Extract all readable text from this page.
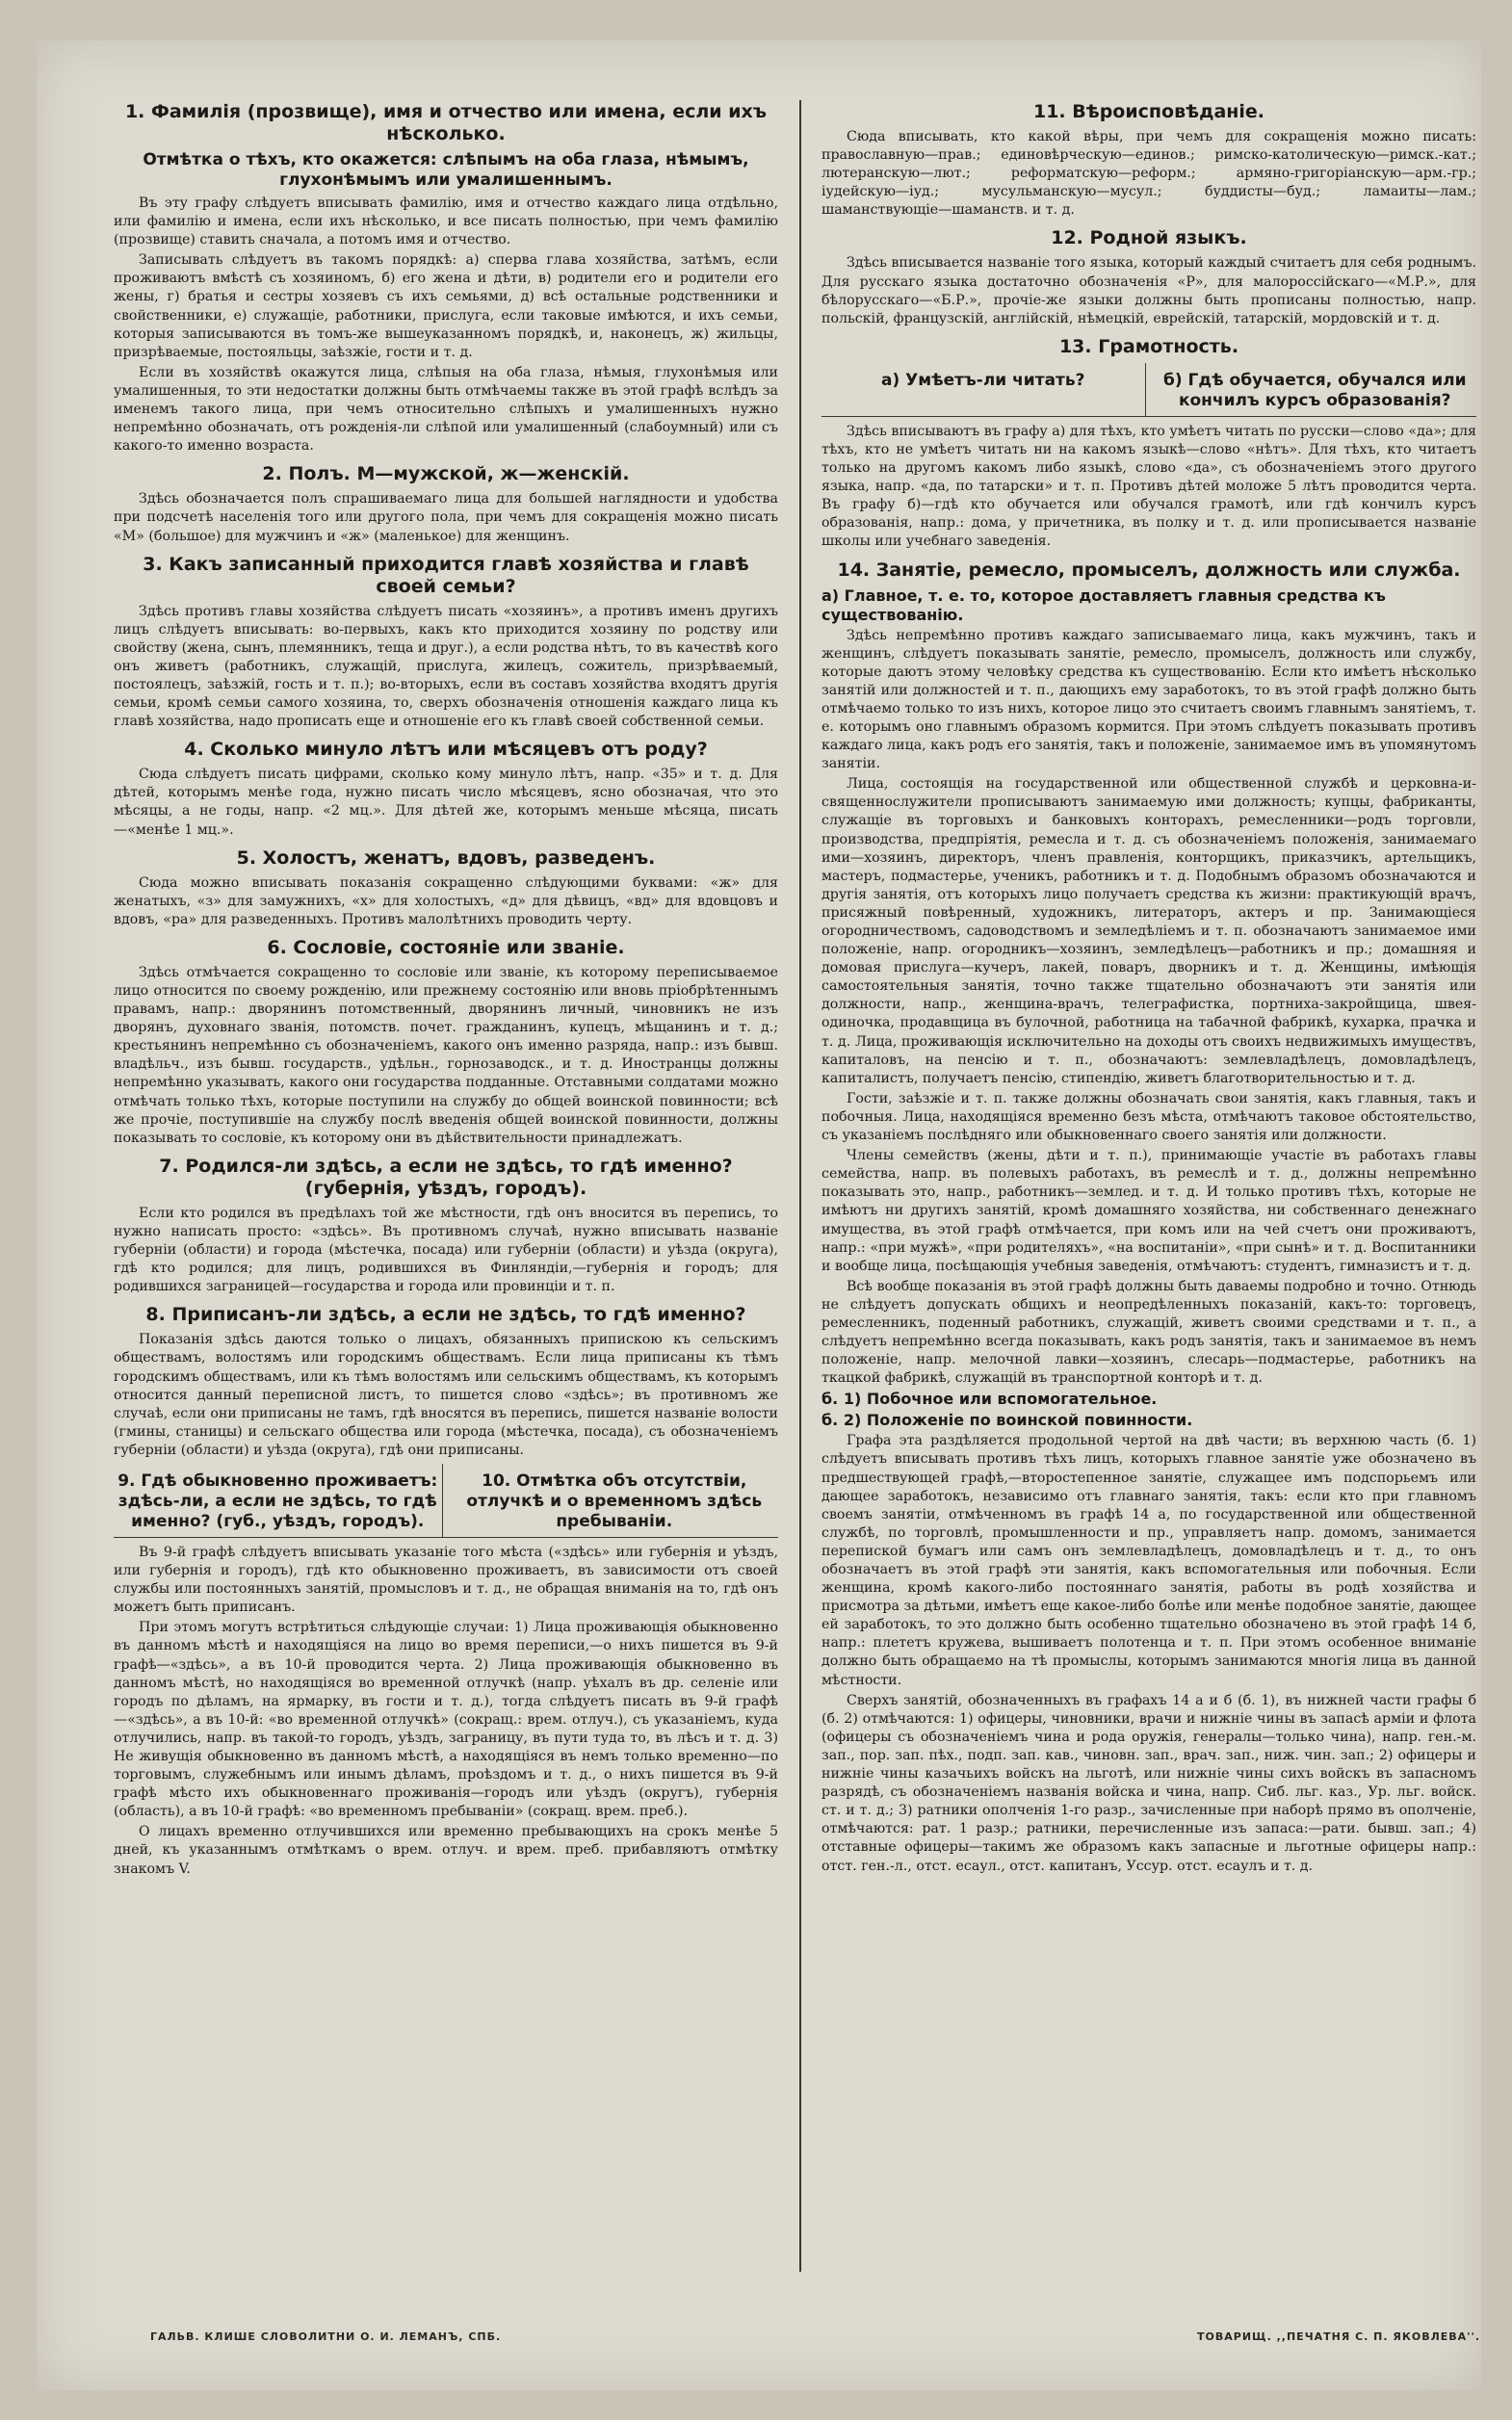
1. Фамилія (прозвище), имя и отчество или имена, если ихъ нѣсколько.
Отмѣтка о тѣхъ, кто окажется: слѣпымъ на оба глаза, нѣмымъ, глухонѣмымъ или умалишеннымъ.

Въ эту графу слѣдуетъ вписывать фамилію, имя и отчество каждаго лица отдѣльно, или фамилію и имена, если ихъ нѣсколько, и все писать полностью, при чемъ фамилію (прозвище) ставить сначала, а потомъ имя и отчество.

Записывать слѣдуетъ въ такомъ порядкѣ: а) сперва глава хозяйства, затѣмъ, если проживаютъ вмѣстѣ съ хозяиномъ, б) его жена и дѣти, в) родители его и родители его жены, г) братья и сестры хозяевъ съ ихъ семьями, д) всѣ остальные родственники и свойственники, е) служащіе, работники, прислуга, если таковые имѣются, и ихъ семьи, которыя записываются въ томъ-же вышеуказанномъ порядкѣ, и, наконецъ, ж) жильцы, призрѣваемые, постояльцы, заѣзжіе, гости и т. д.

Если въ хозяйствѣ окажутся лица, слѣпыя на оба глаза, нѣмыя, глухонѣмыя или умалишенныя, то эти недостатки должны быть отмѣчаемы также въ этой графѣ вслѣдъ за именемъ такого лица, при чемъ относительно слѣпыхъ и умалишенныхъ нужно непремѣнно обозначать, отъ рожденія-ли слѣпой или умалишенный (слабоумный) или съ какого-то именно возраста.

2. Полъ. М—мужской, ж—женскій.

Здѣсь обозначается полъ спрашиваемаго лица для большей наглядности и удобства при подсчетѣ населенія того или другого пола, при чемъ для сокращенія можно писать «М» (большое) для мужчинъ и «ж» (маленькое) для женщинъ.

3. Какъ записанный приходится главѣ хозяйства и главѣ своей семьи?

Здѣсь противъ главы хозяйства слѣдуетъ писать «хозяинъ», а противъ именъ другихъ лицъ слѣдуетъ вписывать: во-первыхъ, какъ кто приходится хозяину по родству или свойству (жена, сынъ, племянникъ, теща и друг.), а если родства нѣтъ, то въ качествѣ кого онъ живетъ (работникъ, служащій, прислуга, жилецъ, сожитель, призрѣваемый, постоялецъ, заѣзжій, гость и т. п.); во-вторыхъ, если въ составъ хозяйства входятъ другія семьи, кромѣ семьи самого хозяина, то, сверхъ обозначенія отношенія каждаго лица къ главѣ хозяйства, надо прописать еще и отношеніе его къ главѣ своей собственной семьи.

4. Сколько минуло лѣтъ или мѣсяцевъ отъ роду?

Сюда слѣдуетъ писать цифрами, сколько кому минуло лѣтъ, напр. «35» и т. д. Для дѣтей, которымъ менѣе года, нужно писать число мѣсяцевъ, ясно обозначая, что это мѣсяцы, а не годы, напр. «2 мц.». Для дѣтей же, которымъ меньше мѣсяца, писать—«менѣе 1 мц.».

5. Холостъ, женатъ, вдовъ, разведенъ.

Сюда можно вписывать показанія сокращенно слѣдующими буквами: «ж» для женатыхъ, «з» для замужнихъ, «х» для холостыхъ, «д» для дѣвицъ, «вд» для вдовцовъ и вдовъ, «ра» для разведенныхъ. Противъ малолѣтнихъ проводить черту.

6. Сословіе, состояніе или званіе.

Здѣсь отмѣчается сокращенно то сословіе или званіе, къ которому переписываемое лицо относится по своему рожденію, или прежнему состоянію или вновь пріобрѣтеннымъ правамъ, напр.: дворянинъ потомственный, дворянинъ личный, чиновникъ не изъ дворянъ, духовнаго званія, потомств. почет. гражданинъ, купецъ, мѣщанинъ и т. д.; крестьянинъ непремѣнно съ обозначеніемъ, какого онъ именно разряда, напр.: изъ бывш. владѣльч., изъ бывш. государств., удѣльн., горнозаводск., и т. д. Иностранцы должны непремѣнно указывать, какого они государства подданные. Отставными солдатами можно отмѣчать только тѣхъ, которые поступили на службу до общей воинской повинности; всѣ же прочіе, поступившіе на службу послѣ введенія общей воинской повинности, должны показывать то сословіе, къ которому они въ дѣйствительности принадлежатъ.

7. Родился-ли здѣсь, а если не здѣсь, то гдѣ именно? (губернія, уѣздъ, городъ).

Если кто родился въ предѣлахъ той же мѣстности, гдѣ онъ вносится въ перепись, то нужно написать просто: «здѣсь». Въ противномъ случаѣ, нужно вписывать названіе губерніи (области) и города (мѣстечка, посада) или губерніи (области) и уѣзда (округа), гдѣ кто родился; для лицъ, родившихся въ Финляндіи,—губернія и городъ; для родившихся заграницей—государства и города или провинціи и т. п.

8. Приписанъ-ли здѣсь, а если не здѣсь, то гдѣ именно?

Показанія здѣсь даются только о лицахъ, обязанныхъ припискою къ сельскимъ обществамъ, волостямъ или городскимъ обществамъ. Если лица приписаны къ тѣмъ городскимъ обществамъ, или къ тѣмъ волостямъ или сельскимъ обществамъ, къ которымъ относится данный переписной листъ, то пишется слово «здѣсь»; въ противномъ же случаѣ, если они приписаны не тамъ, гдѣ вносятся въ перепись, пишется названіе волости (гмины, станицы) и сельскаго общества или города (мѣстечка, посада), съ обозначеніемъ губерніи (области) и уѣзда (округа), гдѣ они приписаны.

9. Гдѣ обыкновенно проживаетъ: здѣсь-ли, а если не здѣсь, то гдѣ именно? (губ., уѣздъ, городъ).
10. Отмѣтка объ отсутствіи, отлучкѣ и о временномъ здѣсь пребываніи.

Въ 9-й графѣ слѣдуетъ вписывать указаніе того мѣста («здѣсь» или губернія и уѣздъ, или губернія и городъ), гдѣ кто обыкновенно проживаетъ, въ зависимости отъ своей службы или постоянныхъ занятій, промысловъ и т. д., не обращая вниманія на то, гдѣ онъ можетъ быть приписанъ.

При этомъ могутъ встрѣтиться слѣдующіе случаи: 1) Лица проживающія обыкновенно въ данномъ мѣстѣ и находящіяся на лицо во время переписи,—о нихъ пишется въ 9-й графѣ—«здѣсь», а въ 10-й проводится черта. 2) Лица проживающія обыкновенно въ данномъ мѣстѣ, но находящіяся во временной отлучкѣ (напр. уѣхалъ въ др. селеніе или городъ по дѣламъ, на ярмарку, въ гости и т. д.), тогда слѣдуетъ писать въ 9-й графѣ—«здѣсь», а въ 10-й: «во временной отлучкѣ» (сокращ.: врем. отлуч.), съ указаніемъ, куда отлучились, напр. въ такой-то городъ, уѣздъ, заграницу, въ пути туда то, въ лѣсъ и т. д. 3) Не живущія обыкновенно въ данномъ мѣстѣ, а находящіяся въ немъ только временно—по торговымъ, служебнымъ или инымъ дѣламъ, проѣздомъ и т. д., о нихъ пишется въ 9-й графѣ мѣсто ихъ обыкновеннаго проживанія—городъ или уѣздъ (округъ), губернія (область), а въ 10-й графѣ: «во временномъ пребываніи» (сокращ. врем. преб.).

О лицахъ временно отлучившихся или временно пребывающихъ на срокъ менѣе 5 дней, къ указаннымъ отмѣткамъ о врем. отлуч. и врем. преб. прибавляютъ отмѣтку знакомъ V.

11. Вѣроисповѣданіе.

Сюда вписывать, кто какой вѣры, при чемъ для сокращенія можно писать: православную—прав.; единовѣрческую—единов.; римско-католическую—римск.-кат.; лютеранскую—лют.; реформатскую—реформ.; армяно-григоріанскую—арм.-гр.; іудейскую—іуд.; мусульманскую—мусул.; буддисты—буд.; ламаиты—лам.; шаманствующіе—шаманств. и т. д.

12. Родной языкъ.

Здѣсь вписывается названіе того языка, который каждый считаетъ для себя роднымъ. Для русскаго языка достаточно обозначенія «Р», для малороссійскаго—«М.Р.», для бѣлорусскаго—«Б.Р.», прочіе-же языки должны быть прописаны полностью, напр. польскій, французскій, англійскій, нѣмецкій, еврейскій, татарскій, мордовскій и т. д.

13. Грамотность.
а) Умѣетъ-ли читать?	б) Гдѣ обучается, обучался или кончилъ курсъ образованія?

Здѣсь вписываютъ въ графу а) для тѣхъ, кто умѣетъ читать по русски—слово «да»; для тѣхъ, кто не умѣетъ читать ни на какомъ языкѣ—слово «нѣтъ». Для тѣхъ, кто читаетъ только на другомъ какомъ либо языкѣ, слово «да», съ обозначеніемъ этого другого языка, напр. «да, по татарски» и т. п. Противъ дѣтей моложе 5 лѣтъ проводится черта. Въ графу б)—гдѣ кто обучается или обучался грамотѣ, или гдѣ кончилъ курсъ образованія, напр.: дома, у причетника, въ полку и т. д. или прописывается названіе школы или учебнаго заведенія.

14. Занятіе, ремесло, промыселъ, должность или служба.
а) Главное, т. е. то, которое доставляетъ главныя средства къ существованію.

Здѣсь непремѣнно противъ каждаго записываемаго лица, какъ мужчинъ, такъ и женщинъ, слѣдуетъ показывать занятіе, ремесло, промыселъ, должность или службу, которые даютъ этому человѣку средства къ существованію. Если кто имѣетъ нѣсколько занятій или должностей и т. п., дающихъ ему заработокъ, то въ этой графѣ должно быть отмѣчаемо только то изъ нихъ, которое лицо это считаетъ своимъ главнымъ занятіемъ, т. е. которымъ оно главнымъ образомъ кормится. При этомъ слѣдуетъ показывать противъ каждаго лица, какъ родъ его занятія, такъ и положеніе, занимаемое имъ въ упомянутомъ занятіи.

Лица, состоящія на государственной или общественной службѣ и церковна-и-священнослужители прописываютъ занимаемую ими должность; купцы, фабриканты, служащіе въ торговыхъ и банковыхъ конторахъ, ремесленники—родъ торговли, производства, предпріятія, ремесла и т. д. съ обозначеніемъ положенія, занимаемаго ими—хозяинъ, директоръ, членъ правленія, конторщикъ, приказчикъ, артельщикъ, мастеръ, подмастерье, ученикъ, работникъ и т. д. Подобнымъ образомъ обозначаются и другія занятія, отъ которыхъ лицо получаетъ средства къ жизни: практикующій врачъ, присяжный повѣренный, художникъ, литераторъ, актеръ и пр. Занимающіеся огородничествомъ, садоводствомъ и земледѣліемъ и т. п. обозначаютъ занимаемое ими положеніе, напр. огородникъ—хозяинъ, земледѣлецъ—работникъ и пр.; домашняя и домовая прислуга—кучеръ, лакей, поваръ, дворникъ и т. д. Женщины, имѣющія самостоятельныя занятія, точно также тщательно обозначаютъ эти занятія или должности, напр., женщина-врачъ, телеграфистка, портниха-закройщица, швея-одиночка, продавщица въ булочной, работница на табачной фабрикѣ, кухарка, прачка и т. д. Лица, проживающія исключительно на доходы отъ своихъ недвижимыхъ имуществъ, капиталовъ, на пенсію и т. п., обозначаютъ: землевладѣлецъ, домовладѣлецъ, капиталистъ, получаетъ пенсію, стипендію, живетъ благотворительностью и т. д.

Гости, заѣзжіе и т. п. также должны обозначать свои занятія, какъ главныя, такъ и побочныя. Лица, находящіяся временно безъ мѣста, отмѣчаютъ таковое обстоятельство, съ указаніемъ послѣдняго или обыкновеннаго своего занятія или должности.

Члены семействъ (жены, дѣти и т. п.), принимающіе участіе въ работахъ главы семейства, напр. въ полевыхъ работахъ, въ ремеслѣ и т. д., должны непремѣнно показывать это, напр., работникъ—землед. и т. д. И только противъ тѣхъ, которые не имѣютъ ни другихъ занятій, кромѣ домашняго хозяйства, ни собственнаго денежнаго имущества, въ этой графѣ отмѣчается, при комъ или на чей счетъ они проживаютъ, напр.: «при мужѣ», «при родителяхъ», «на воспитаніи», «при сынѣ» и т. д. Воспитанники и вообще лица, посѣщающія учебныя заведенія, отмѣчаютъ: студентъ, гимназистъ и т. д.

Всѣ вообще показанія въ этой графѣ должны быть даваемы подробно и точно. Отнюдь не слѣдуетъ допускать общихъ и неопредѣленныхъ показаній, какъ-то: торговецъ, ремесленникъ, поденный работникъ, служащій, живетъ своими средствами и т. п., а слѣдуетъ непремѣнно всегда показывать, какъ родъ занятія, такъ и занимаемое въ немъ положеніе, напр. мелочной лавки—хозяинъ, слесарь—подмастерье, работникъ на ткацкой фабрикѣ, служащій въ транспортной конторѣ и т. д.

б. 1) Побочное или вспомогательное.
б. 2) Положеніе по воинской повинности.

Графа эта раздѣляется продольной чертой на двѣ части; въ верхнюю часть (б. 1) слѣдуетъ вписывать противъ тѣхъ лицъ, которыхъ главное занятіе уже обозначено въ предшествующей графѣ,—второстепенное занятіе, служащее имъ подспорьемъ или дающее заработокъ, независимо отъ главнаго занятія, такъ: если кто при главномъ своемъ занятіи, отмѣченномъ въ графѣ 14 а, по государственной или общественной службѣ, по торговлѣ, промышленности и пр., управляетъ напр. домомъ, занимается перепиской бумагъ или самъ онъ землевладѣлецъ, домовладѣлецъ и т. д., то онъ обозначаетъ въ этой графѣ эти занятія, какъ вспомогательныя или побочныя. Если женщина, кромѣ какого-либо постояннаго занятія, работы въ родѣ хозяйства и присмотра за дѣтьми, имѣетъ еще какое-либо болѣе или менѣе подобное занятіе, дающее ей заработокъ, то это должно быть особенно тщательно обозначено въ этой графѣ 14 б, напр.: плететъ кружева, вышиваетъ полотенца и т. п. При этомъ особенное вниманіе должно быть обращаемо на тѣ промыслы, которымъ занимаются многія лица въ данной мѣстности.

Сверхъ занятій, обозначенныхъ въ графахъ 14 а и б (б. 1), въ нижней части графы б (б. 2) отмѣчаются: 1) офицеры, чиновники, врачи и нижніе чины въ запасѣ арміи и флота (офицеры съ обозначеніемъ чина и рода оружія, генералы—только чина), напр. ген.-м. зап., пор. зап. пѣх., подп. зап. кав., чиновн. зап., врач. зап., ниж. чин. зап.; 2) офицеры и нижніе чины казачьихъ войскъ на льготѣ, или нижніе чины сихъ войскъ въ запасномъ разрядѣ, съ обозначеніемъ названія войска и чина, напр. Сиб. льг. каз., Ур. льг. войск. ст. и т. д.; 3) ратники ополченія 1-го разр., зачисленные при наборѣ прямо въ ополченіе, отмѣчаются: рат. 1 разр.; ратники, перечисленные изъ запаса:—рати. бывш. зап.; 4) отставные офицеры—такимъ же образомъ какъ запасные и льготные офицеры напр.: отст. ген.-л., отст. есаул., отст. капитанъ, Уссур. отст. есаулъ и т. д.

ГАЛЬВ. КЛИШЕ СЛОВОЛИТНИ О. И. ЛЕМАНЪ, СПБ.	ТОВАРИЩ. ,,ПЕЧАТНЯ С. П. ЯКОВЛЕВА''.
